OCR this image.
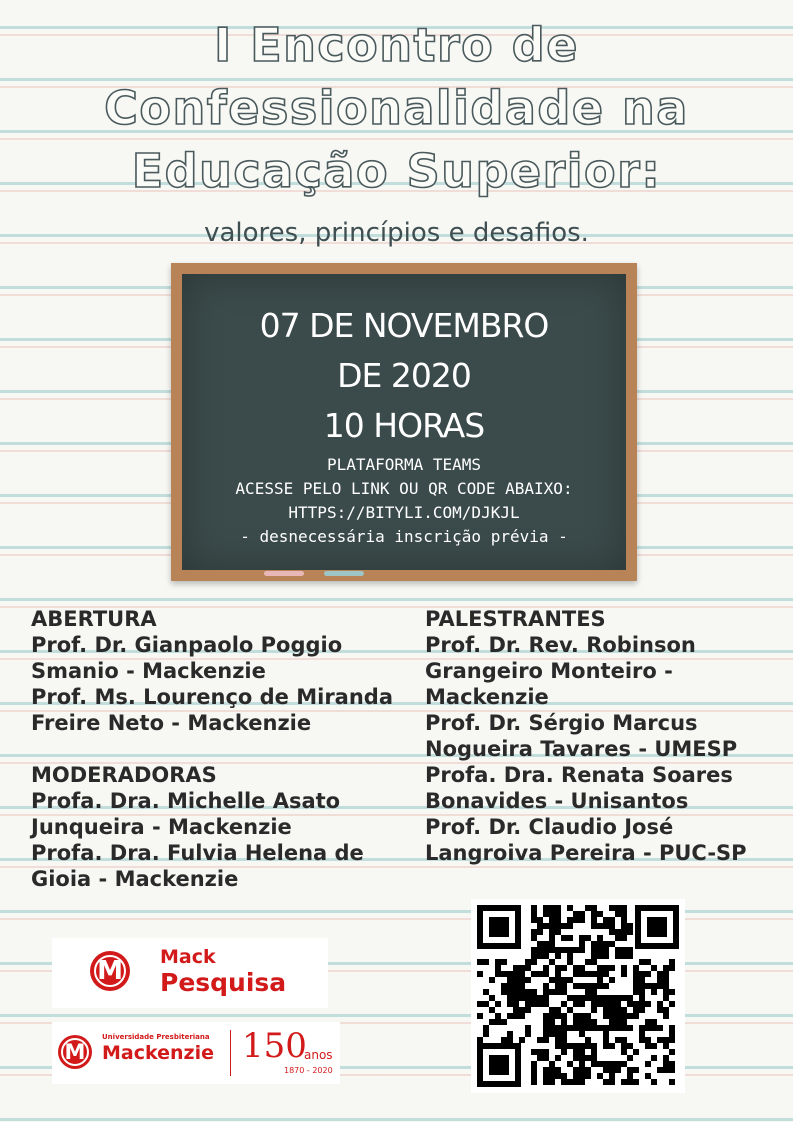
I Encontro de
Confessionalidade na
Educação Superior:
valores, princípios e desafios.
07 DE NOVEMBRO
DE 2020
10 HORAS
PLATAFORMA TEAMS
ACESSE PELO LINK OU QR CODE ABAIXO:
HTTPS://BITYLI.COM/DJKJL
- desnecessária inscrição prévia -
ABERTURA
Prof. Dr. Gianpaolo Poggio
Smanio - Mackenzie
Prof. Ms. Lourenço de Miranda
Freire Neto - Mackenzie
MODERADORAS
Profa. Dra. Michelle Asato
Junqueira - Mackenzie
Profa. Dra. Fulvia Helena de
Gioia - Mackenzie
PALESTRANTES
Prof. Dr. Rev. Robinson
Grangeiro Monteiro -
Mackenzie
Prof. Dr. Sérgio Marcus
Nogueira Tavares - UMESP
Profa. Dra. Renata Soares
Bonavides - Unisantos
Prof. Dr. Claudio José
Langroiva Pereira - PUC-SP
M	Mack
Pesquisa
M
Universidade Presbiteriana
Mackenzie 150
anos
1870 - 2020
